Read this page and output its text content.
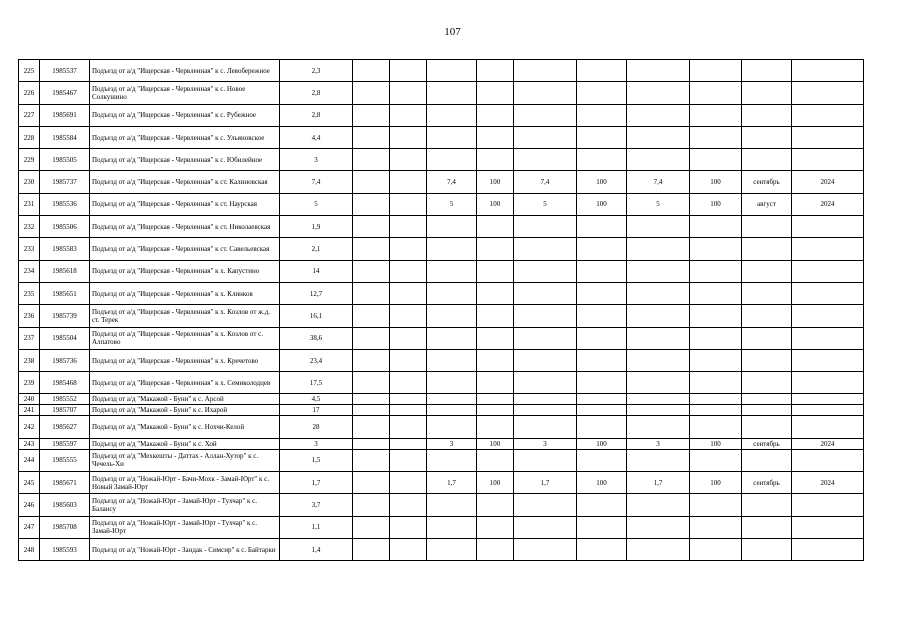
107
225	1985537	Подъезд от а/д "Ищерская - Червленная" к с. Левобережное	2,3										
226	1985467	Подъезд от а/д "Ищерская - Червленная" к с. Новое Солкушино	2,8										
227	1985691	Подъезд от а/д "Ищерская - Червленная" к с. Рубежное	2,8										
228	1985584	Подъезд от а/д "Ищерская - Червленная" к с. Ульяновское	4,4										
229	1985505	Подъезд от а/д "Ищерская - Червленная" к с. Юбилейное	3										
230	1985737	Подъезд от а/д "Ищерская - Червленная" к ст. Калиновская	7,4			7,4	100	7,4	100	7,4	100	сентябрь	2024
231	1985536	Подъезд от а/д "Ищерская - Червленная" к ст. Наурская	5			5	100	5	100	5	100	август	2024
232	1985506	Подъезд от а/д "Ищерская - Червленная" к ст. Николаевская	1,9										
233	1985583	Подъезд от а/д "Ищерская - Червленная" к ст. Савельевская	2,1										
234	1985618	Подъезд от а/д "Ищерская - Червленная" к х. Капустино	14										
235	1985651	Подъезд от а/д "Ищерская - Червленная" к х. Клинков	12,7										
236	1985739	Подъезд от а/д "Ищерская - Червленная" к х. Козлов от ж.д. ст. Терек	16,1										
237	1985504	Подъезд от а/д "Ищерская - Червленная" к х. Козлов от с. Алпатово	38,6										
238	1985736	Подъезд от а/д "Ищерская - Червленная" к х. Кречетово	23,4										
239	1985468	Подъезд от а/д "Ищерская - Червленная" к х. Семиколодцев	17,5										
240	1985552	Подъезд от а/д "Макажой - Буни" к с. Арсой	4,5										
241	1985707	Подъезд от а/д "Макажой - Буни" к с. Ихарой	17										
242	1985627	Подъезд от а/д "Макажой - Буни" к с. Нохчи-Келой	28										
243	1985597	Подъезд от а/д "Макажой - Буни" к с. Хой	3			3	100	3	100	3	100	сентябрь	2024
244	1985555	Подъезд от а/д "Мехкешты - Даттах - Аллан-Хутор" к с. Чечель-Хи	1,5										
245	1985671	Подъезд от а/д "Ножай-Юрт - Бачи-Мохк - Замай-Юрт" к с. Новый Замай-Юрт	1,7			1,7	100	1,7	100	1,7	100	сентябрь	2024
246	1985603	Подъезд от а/д "Ножай-Юрт - Замай-Юрт - Тухчар" к с. Балансу	3,7										
247	1985708	Подъезд от а/д "Ножай-Юрт - Замай-Юрт - Тухчар" к с. Замай-Юрт	1,1										
248	1985593	Подъезд от а/д "Ножай-Юрт - Зандак - Симсир" к с. Байтарки	1,4										
